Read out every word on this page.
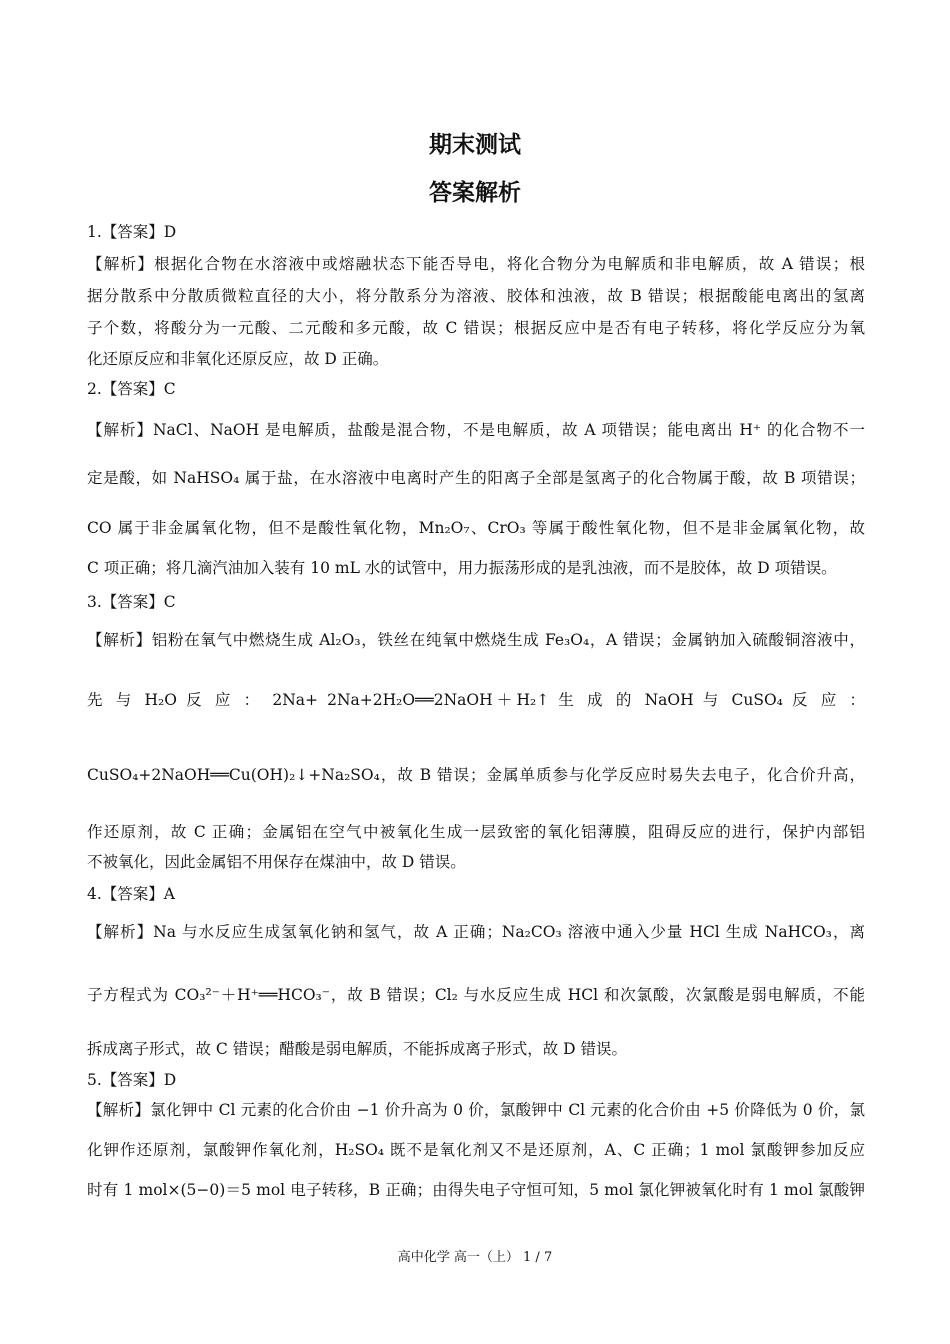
期末测试
答案解析
1.【答案】D
【解析】根据化合物在水溶液中或熔融状态下能否导电，将化合物分为电解质和非电解质，故 A 错误；根
据分散系中分散质微粒直径的大小，将分散系分为溶液、胶体和浊液，故 B 错误；根据酸能电离出的氢离
子个数，将酸分为一元酸、二元酸和多元酸，故 C 错误；根据反应中是否有电子转移，将化学反应分为氧
化还原反应和非氧化还原反应，故 D 正确。
2.【答案】C
【解析】NaCl、NaOH 是电解质，盐酸是混合物，不是电解质，故 A 项错误；能电离出 H⁺ 的化合物不一
定是酸，如 NaHSO₄ 属于盐，在水溶液中电离时产生的阳离子全部是氢离子的化合物属于酸，故 B 项错误；
CO 属于非金属氧化物，但不是酸性氧化物，Mn₂O₇、CrO₃ 等属于酸性氧化物，但不是非金属氧化物，故
C 项正确；将几滴汽油加入装有 10 mL 水的试管中，用力振荡形成的是乳浊液，而不是胶体，故 D 项错误。
3.【答案】C
【解析】铝粉在氧气中燃烧生成 Al₂O₃，铁丝在纯氧中燃烧生成 Fe₃O₄，A 错误；金属钠加入硫酸铜溶液中，
先 与 H₂O 反 应 ： 2Na+ 2Na+2H₂O══2NaOH＋H₂↑ 生 成 的 NaOH 与 CuSO₄ 反 应 ：
CuSO₄+2NaOH══Cu(OH)₂↓+Na₂SO₄，故 B 错误；金属单质参与化学反应时易失去电子，化合价升高，
作还原剂，故 C 正确；金属铝在空气中被氧化生成一层致密的氧化铝薄膜，阻碍反应的进行，保护内部铝
不被氧化，因此金属铝不用保存在煤油中，故 D 错误。
4.【答案】A
【解析】Na 与水反应生成氢氧化钠和氢气，故 A 正确；Na₂CO₃ 溶液中通入少量 HCl 生成 NaHCO₃，离
子方程式为 CO₃²⁻＋H⁺══HCO₃⁻，故 B 错误；Cl₂ 与水反应生成 HCl 和次氯酸，次氯酸是弱电解质，不能
拆成离子形式，故 C 错误；醋酸是弱电解质，不能拆成离子形式，故 D 错误。
5.【答案】D
【解析】氯化钾中 Cl 元素的化合价由 −1 价升高为 0 价，氯酸钾中 Cl 元素的化合价由 +5 价降低为 0 价，氯
化钾作还原剂，氯酸钾作氧化剂，H₂SO₄ 既不是氧化剂又不是还原剂，A、C 正确；1 mol 氯酸钾参加反应
时有 1 mol×(5−0)＝5 mol 电子转移，B 正确；由得失电子守恒可知，5 mol 氯化钾被氧化时有 1 mol 氯酸钾
高中化学 高一（上） 1 / 7
